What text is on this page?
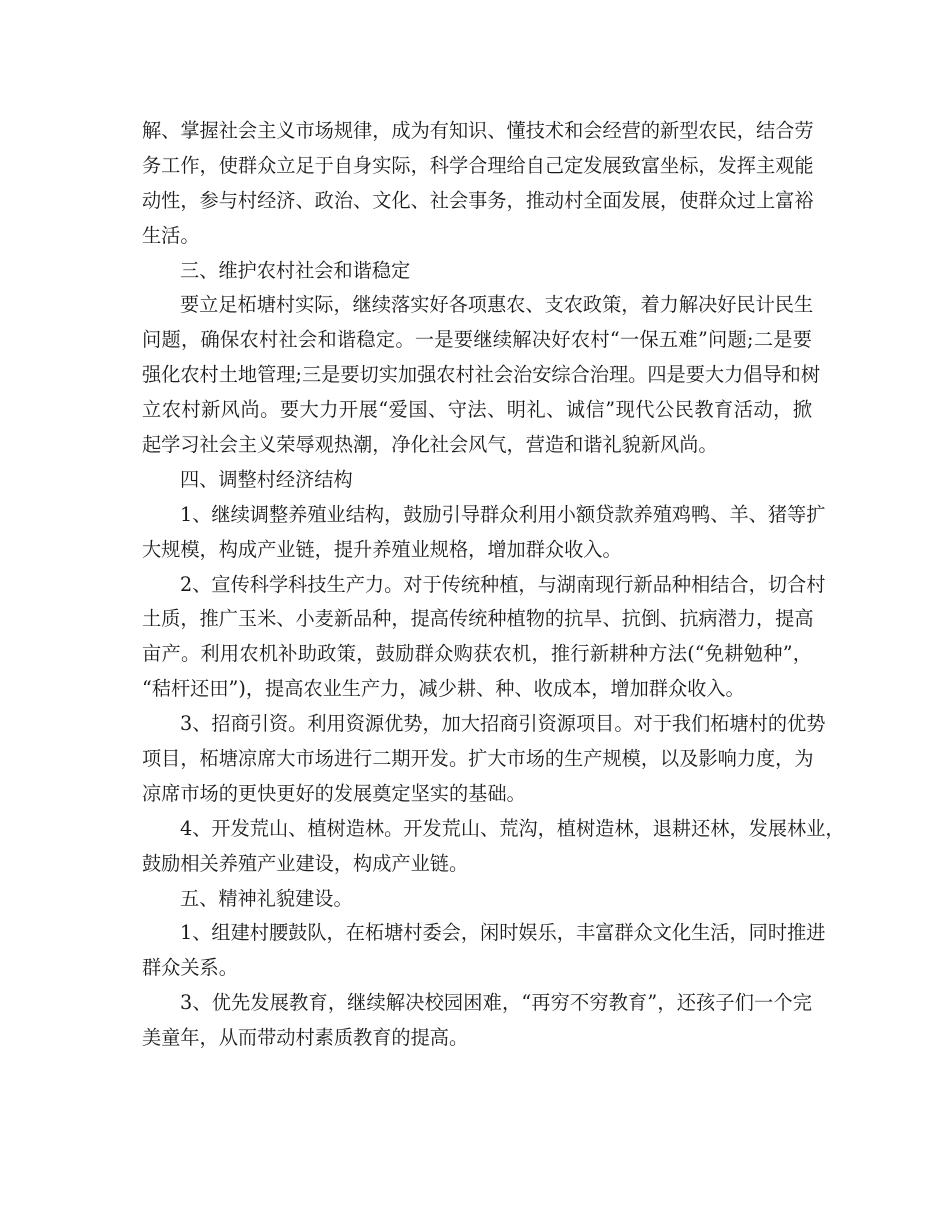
解、掌握社会主义市场规律，成为有知识、懂技术和会经营的新型农民，结合劳
务工作，使群众立足于自身实际，科学合理给自己定发展致富坐标，发挥主观能
动性，参与村经济、政治、文化、社会事务，推动村全面发展，使群众过上富裕
生活。
三、维护农村社会和谐稳定
要立足柘塘村实际，继续落实好各项惠农、支农政策，着力解决好民计民生
问题，确保农村社会和谐稳定。一是要继续解决好农村“一保五难”问题;二是要
强化农村土地管理;三是要切实加强农村社会治安综合治理。四是要大力倡导和树
立农村新风尚。要大力开展“爱国、守法、明礼、诚信”现代公民教育活动，掀
起学习社会主义荣辱观热潮，净化社会风气，营造和谐礼貌新风尚。
四、调整村经济结构
1、继续调整养殖业结构，鼓励引导群众利用小额贷款养殖鸡鸭、羊、猪等扩
大规模，构成产业链，提升养殖业规格，增加群众收入。
2、宣传科学科技生产力。对于传统种植，与湖南现行新品种相结合，切合村
土质，推广玉米、小麦新品种，提高传统种植物的抗旱、抗倒、抗病潜力，提高
亩产。利用农机补助政策，鼓励群众购获农机，推行新耕种方法(“免耕勉种”，
“秸杆还田”)，提高农业生产力，减少耕、种、收成本，增加群众收入。
3、招商引资。利用资源优势，加大招商引资源项目。对于我们柘塘村的优势
项目，柘塘凉席大市场进行二期开发。扩大市场的生产规模，以及影响力度，为
凉席市场的更快更好的发展奠定坚实的基础。
4、开发荒山、植树造林。开发荒山、荒沟，植树造林，退耕还林，发展林业，
鼓励相关养殖产业建设，构成产业链。
五、精神礼貌建设。
1、组建村腰鼓队，在柘塘村委会，闲时娱乐，丰富群众文化生活，同时推进
群众关系。
3、优先发展教育，继续解决校园困难，“再穷不穷教育”，还孩子们一个完
美童年，从而带动村素质教育的提高。
